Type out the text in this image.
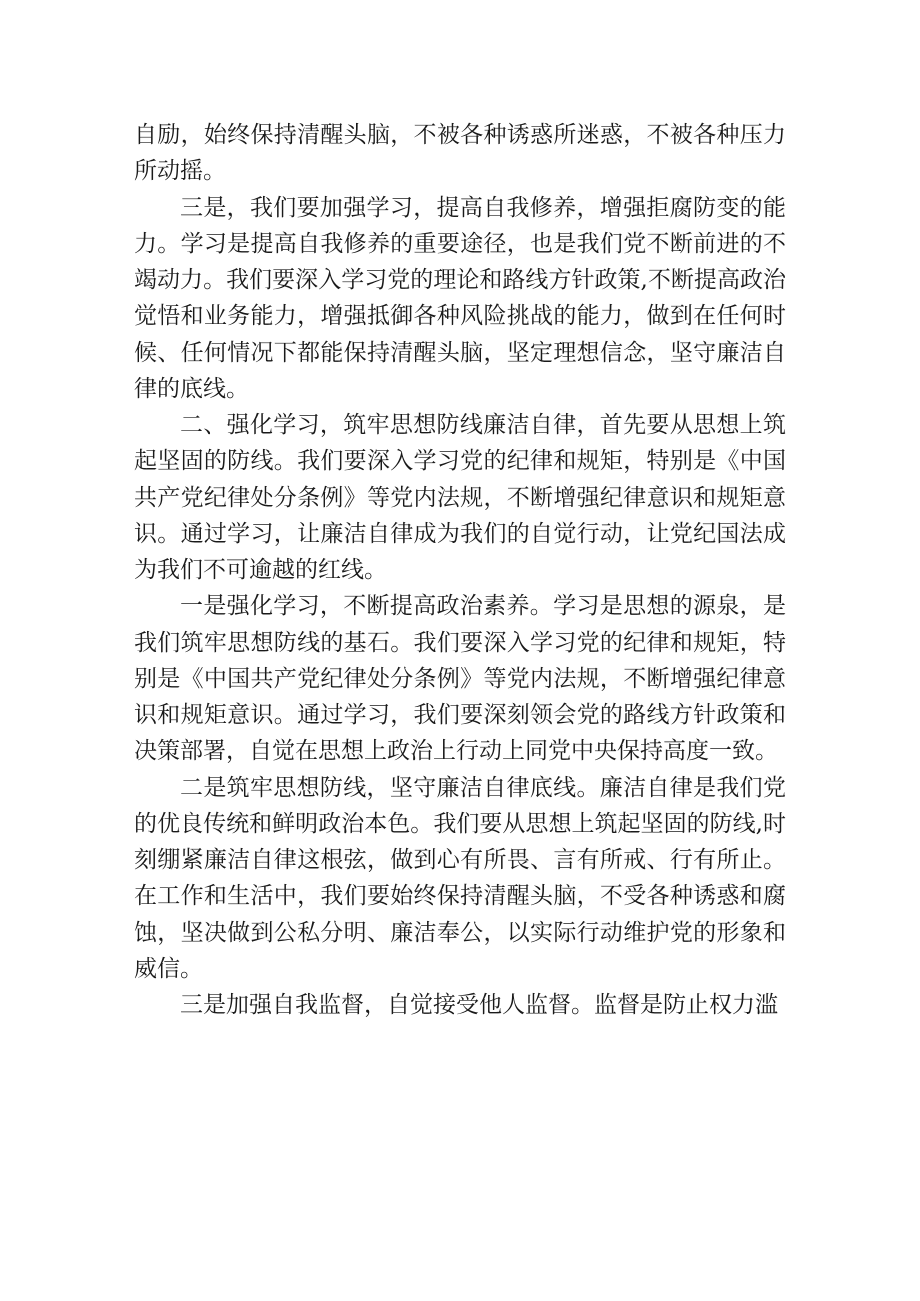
自励，始终保持清醒头脑，不被各种诱惑所迷惑，不被各种压力所动摇。

三是，我们要加强学习，提高自我修养，增强拒腐防变的能力。学习是提高自我修养的重要途径，也是我们党不断前进的不竭动力。我们要深入学习党的理论和路线方针政策,不断提高政治觉悟和业务能力，增强抵御各种风险挑战的能力，做到在任何时候、任何情况下都能保持清醒头脑，坚定理想信念，坚守廉洁自律的底线。

二、强化学习，筑牢思想防线廉洁自律，首先要从思想上筑起坚固的防线。我们要深入学习党的纪律和规矩，特别是《中国共产党纪律处分条例》等党内法规，不断增强纪律意识和规矩意识。通过学习，让廉洁自律成为我们的自觉行动，让党纪国法成为我们不可逾越的红线。

一是强化学习，不断提高政治素养。学习是思想的源泉，是我们筑牢思想防线的基石。我们要深入学习党的纪律和规矩，特别是《中国共产党纪律处分条例》等党内法规，不断增强纪律意识和规矩意识。通过学习，我们要深刻领会党的路线方针政策和决策部署，自觉在思想上政治上行动上同党中央保持高度一致。

二是筑牢思想防线，坚守廉洁自律底线。廉洁自律是我们党的优良传统和鲜明政治本色。我们要从思想上筑起坚固的防线,时刻绷紧廉洁自律这根弦，做到心有所畏、言有所戒、行有所止。在工作和生活中，我们要始终保持清醒头脑，不受各种诱惑和腐蚀，坚决做到公私分明、廉洁奉公，以实际行动维护党的形象和威信。

三是加强自我监督，自觉接受他人监督。监督是防止权力滥
